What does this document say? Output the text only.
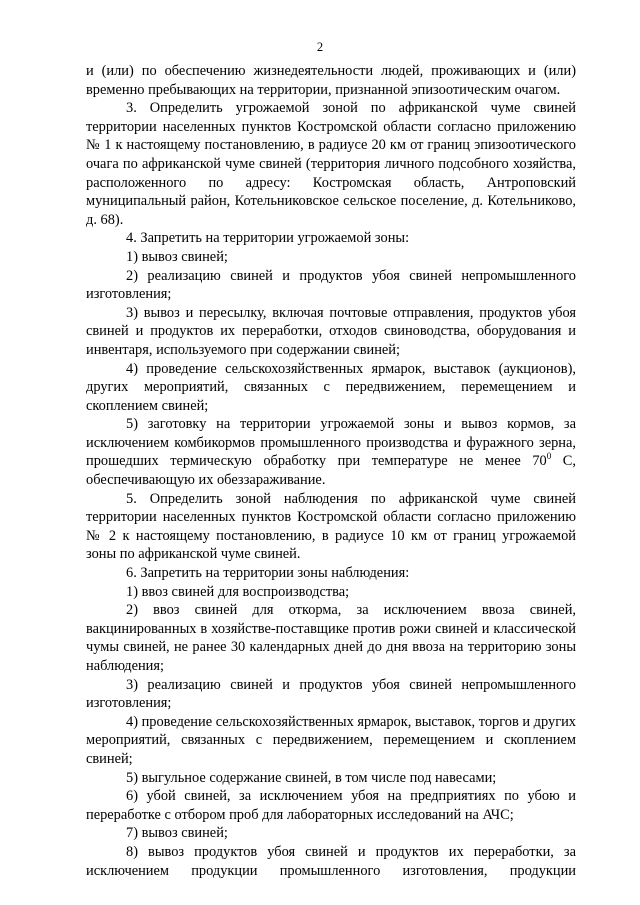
2

и (или) по обеспечению жизнедеятельности людей, проживающих и (или) временно пребывающих на территории, признанной эпизоотическим очагом.

3. Определить угрожаемой зоной по африканской чуме свиней территории населенных пунктов Костромской области согласно приложению № 1 к настоящему постановлению, в радиусе 20 км от границ эпизоотического очага по африканской чуме свиней (территория личного подсобного хозяйства, расположенного по адресу: Костромская область, Антроповский муниципальный район, Котельниковское сельское поселение, д. Котельниково, д. 68).

4. Запретить на территории угрожаемой зоны:

1) вывоз свиней;

2) реализацию свиней и продуктов убоя свиней непромышленного изготовления;

3) вывоз и пересылку, включая почтовые отправления, продуктов убоя свиней и продуктов их переработки, отходов свиноводства, оборудования и инвентаря, используемого при содержании свиней;

4) проведение сельскохозяйственных ярмарок, выставок (аукционов), других мероприятий, связанных с передвижением, перемещением и скоплением свиней;

5) заготовку на территории угрожаемой зоны и вывоз кормов, за исключением комбикормов промышленного производства и фуражного зерна, прошедших термическую обработку при температуре не менее $70^0$ С, обеспечивающую их обеззараживание.

5. Определить зоной наблюдения по африканской чуме свиней территории населенных пунктов Костромской области согласно приложению № 2 к настоящему постановлению, в радиусе 10 км от границ угрожаемой зоны по африканской чуме свиней.

6. Запретить на территории зоны наблюдения:

1) ввоз свиней для воспроизводства;

2) ввоз свиней для откорма, за исключением ввоза свиней, вакцинированных в хозяйстве-поставщике против рожи свиней и классической чумы свиней, не ранее 30 календарных дней до дня ввоза на территорию зоны наблюдения;

3) реализацию свиней и продуктов убоя свиней непромышленного изготовления;

4) проведение сельскохозяйственных ярмарок, выставок, торгов и других мероприятий, связанных с передвижением, перемещением и скоплением свиней;

5) выгульное содержание свиней, в том числе под навесами;

6) убой свиней, за исключением убоя на предприятиях по убою и переработке с отбором проб для лабораторных исследований на АЧС;

7) вывоз свиней;

8) вывоз продуктов убоя свиней и продуктов их переработки, за исключением продукции промышленного изготовления, продукции
